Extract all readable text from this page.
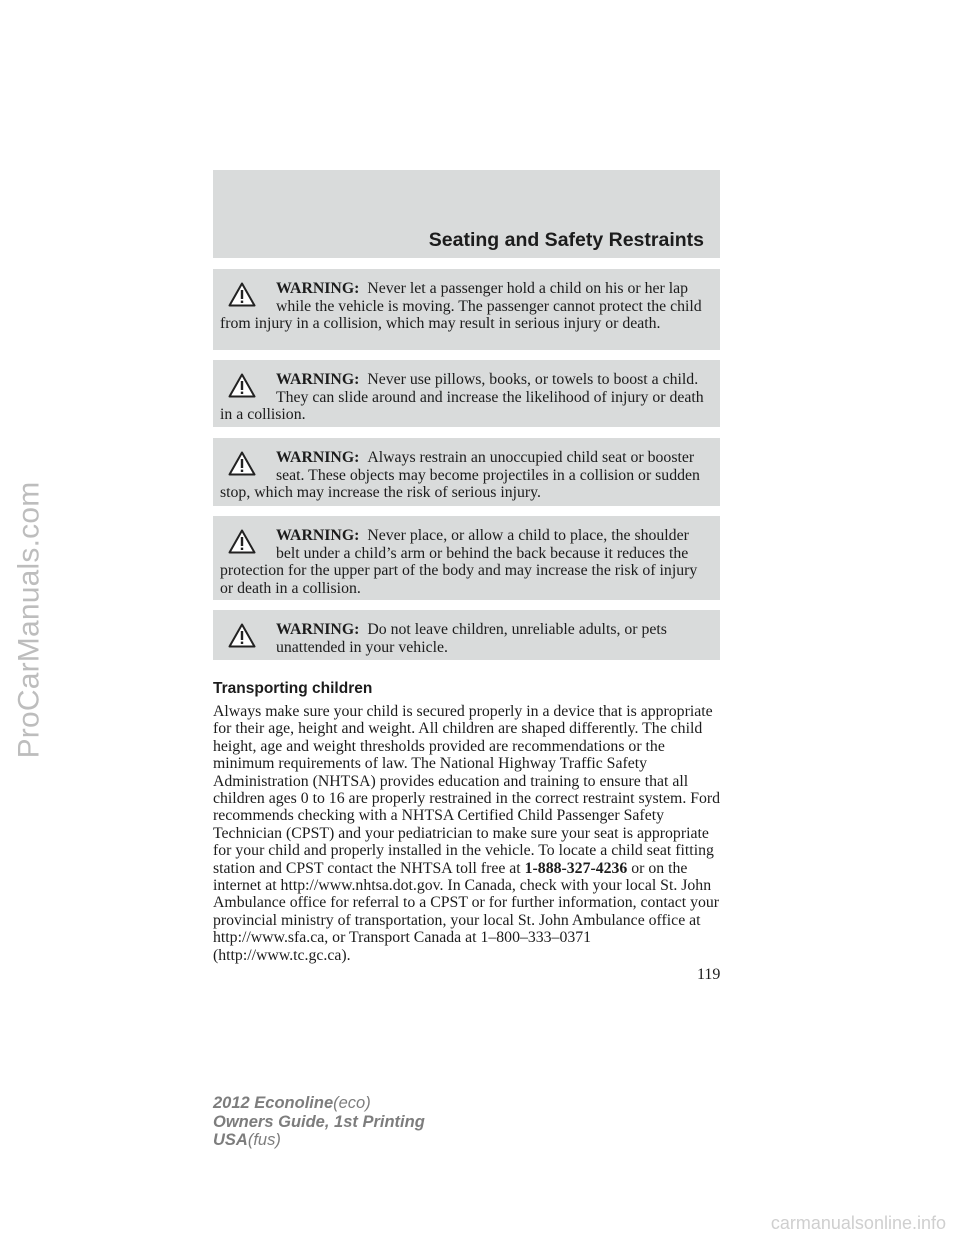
ProCarManuals.com
Seating and Safety Restraints
WARNING: Never let a passenger hold a child on his or her lap while the vehicle is moving. The passenger cannot protect the child from injury in a collision, which may result in serious injury or death.
WARNING: Never use pillows, books, or towels to boost a child. They can slide around and increase the likelihood of injury or death in a collision.
WARNING: Always restrain an unoccupied child seat or booster seat. These objects may become projectiles in a collision or sudden stop, which may increase the risk of serious injury.
WARNING: Never place, or allow a child to place, the shoulder belt under a child’s arm or behind the back because it reduces the protection for the upper part of the body and may increase the risk of injury or death in a collision.
WARNING: Do not leave children, unreliable adults, or pets unattended in your vehicle.
Transporting children
Always make sure your child is secured properly in a device that is appropriate for their age, height and weight. All children are shaped differently. The child height, age and weight thresholds provided are recommendations or the minimum requirements of law. The National Highway Traffic Safety Administration (NHTSA) provides education and training to ensure that all children ages 0 to 16 are properly restrained in the correct restraint system. Ford recommends checking with a NHTSA Certified Child Passenger Safety Technician (CPST) and your pediatrician to make sure your seat is appropriate for your child and properly installed in the vehicle. To locate a child seat fitting station and CPST contact the NHTSA toll free at 1-888-327-4236 or on the internet at http://www.nhtsa.dot.gov. In Canada, check with your local St. John Ambulance office for referral to a CPST or for further information, contact your provincial ministry of transportation, your local St. John Ambulance office at http://www.sfa.ca, or Transport Canada at 1–800–333–0371 (http://www.tc.gc.ca).
119
2012 Econoline(eco)
Owners Guide, 1st Printing
USA(fus)
carmanualsonline.info
